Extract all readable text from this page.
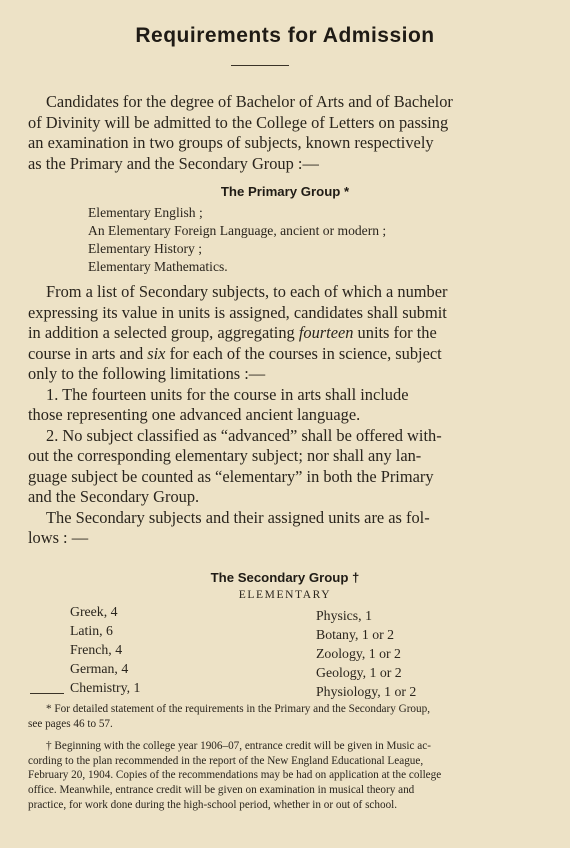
Requirements for Admission
Candidates for the degree of Bachelor of Arts and of Bachelor
of Divinity will be admitted to the College of Letters on passing
an examination in two groups of subjects, known respectively
as the Primary and the Secondary Group :—
The Primary Group *
Elementary English ;
An Elementary Foreign Language, ancient or modern ;
Elementary History ;
Elementary Mathematics.
From a list of Secondary subjects, to each of which a number
expressing its value in units is assigned, candidates shall submit
in addition a selected group, aggregating fourteen units for the
course in arts and six for each of the courses in science, subject
only to the following limitations :—
1. The fourteen units for the course in arts shall include
those representing one advanced ancient language.
2. No subject classified as “advanced” shall be offered with-
out the corresponding elementary subject; nor shall any lan-
guage subject be counted as “elementary” in both the Primary
and the Secondary Group.
The Secondary subjects and their assigned units are as fol-
lows : —
The Secondary Group †
ELEMENTARY
Greek, 4
Latin, 6
French, 4
German, 4
Chemistry, 1
Physics, 1
Botany, 1 or 2
Zoology, 1 or 2
Geology, 1 or 2
Physiology, 1 or 2
* For detailed statement of the requirements in the Primary and the Secondary Group,
see pages 46 to 57.
† Beginning with the college year 1906–07, entrance credit will be given in Music ac-
cording to the plan recommended in the report of the New England Educational League,
February 20, 1904. Copies of the recommendations may be had on application at the college
office. Meanwhile, entrance credit will be given on examination in musical theory and
practice, for work done during the high-school period, whether in or out of school.
